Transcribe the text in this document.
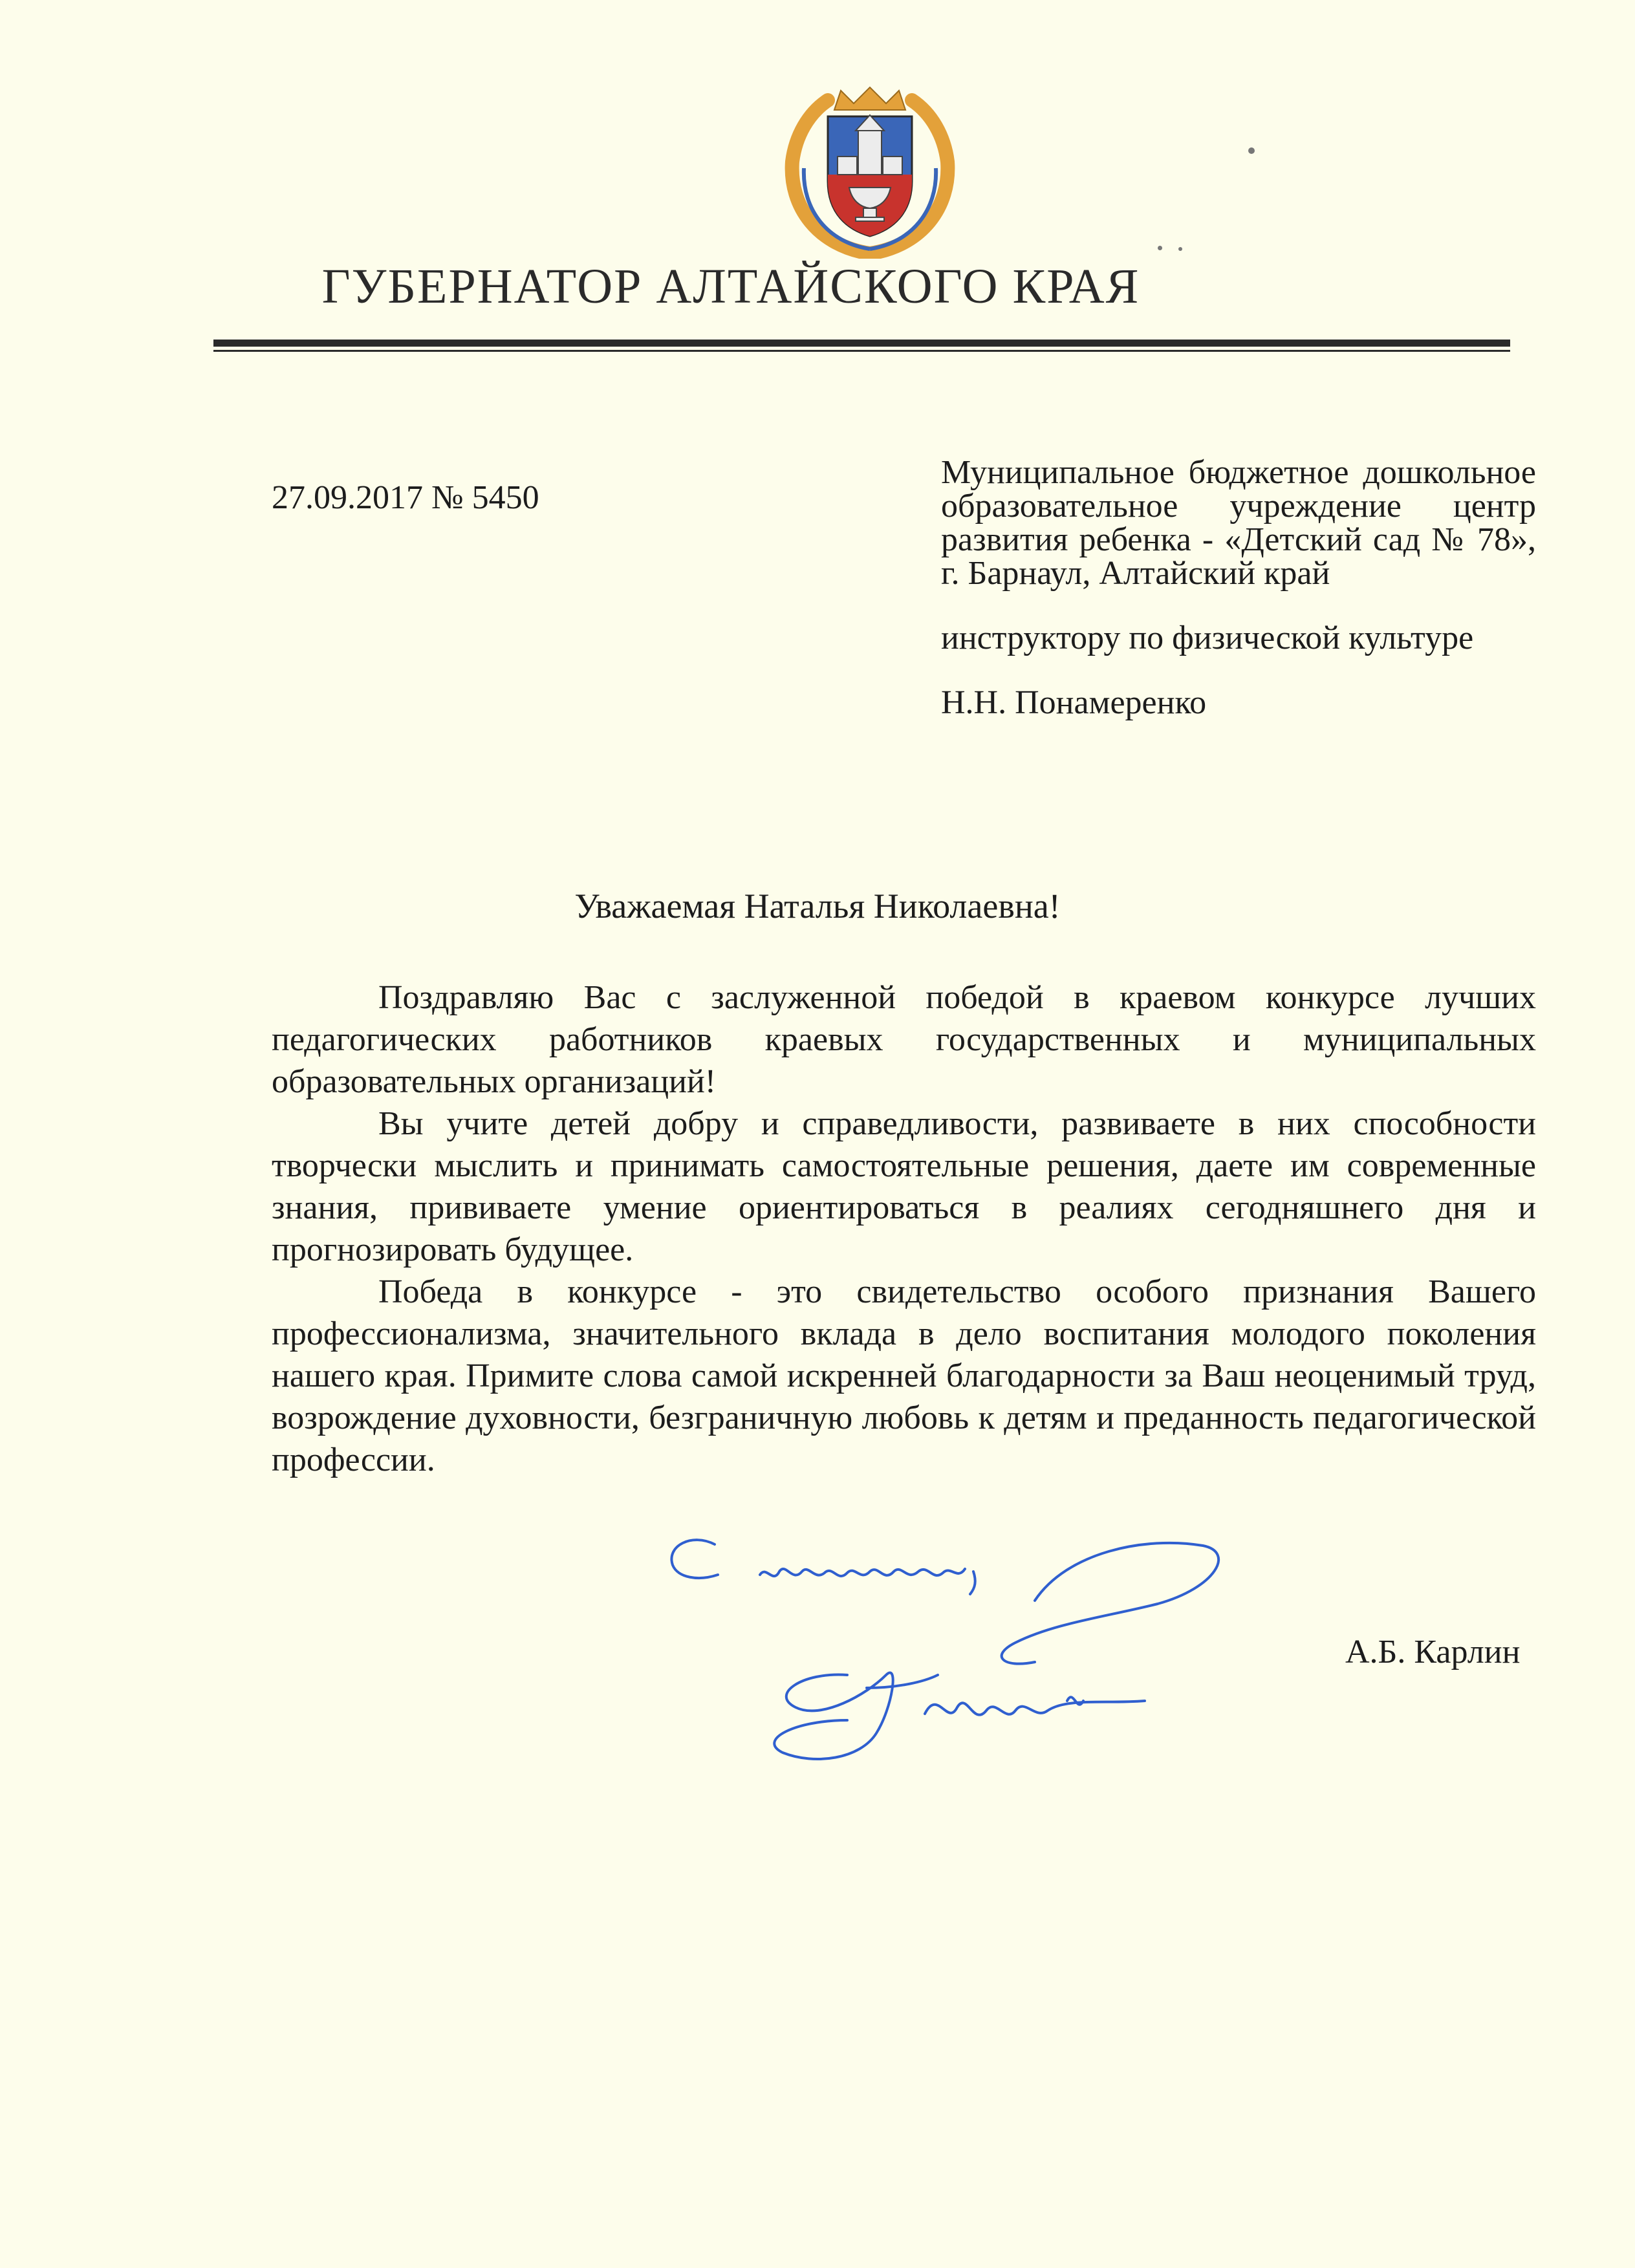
ГУБЕРНАТОР АЛТАЙСКОГО КРАЯ
27.09.2017 № 5450

Муниципальное бюджетное дошкольное образовательное учреждение центр развития ребенка - «Детский сад № 78», г. Барнаул, Алтайский край

инструктору по физической культуре

Н.Н. Понамеренко

Уважаемая Наталья Николаевна!

Поздравляю Вас с заслуженной победой в краевом конкурсе лучших педагогических работников краевых государственных и муниципальных образовательных организаций!

Вы учите детей добру и справедливости, развиваете в них способности творчески мыслить и принимать самостоятельные решения, даете им современные знания, прививаете умение ориентироваться в реалиях сегодняшнего дня и прогнозировать будущее.

Победа в конкурсе - это свидетельство особого признания Вашего профессионализма, значительного вклада в дело воспитания молодого поколения нашего края. Примите слова самой искренней благодарности за Ваш неоценимый труд, возрождение духовности, безграничную любовь к детям и преданность педагогической профессии.

А.Б. Карлин
